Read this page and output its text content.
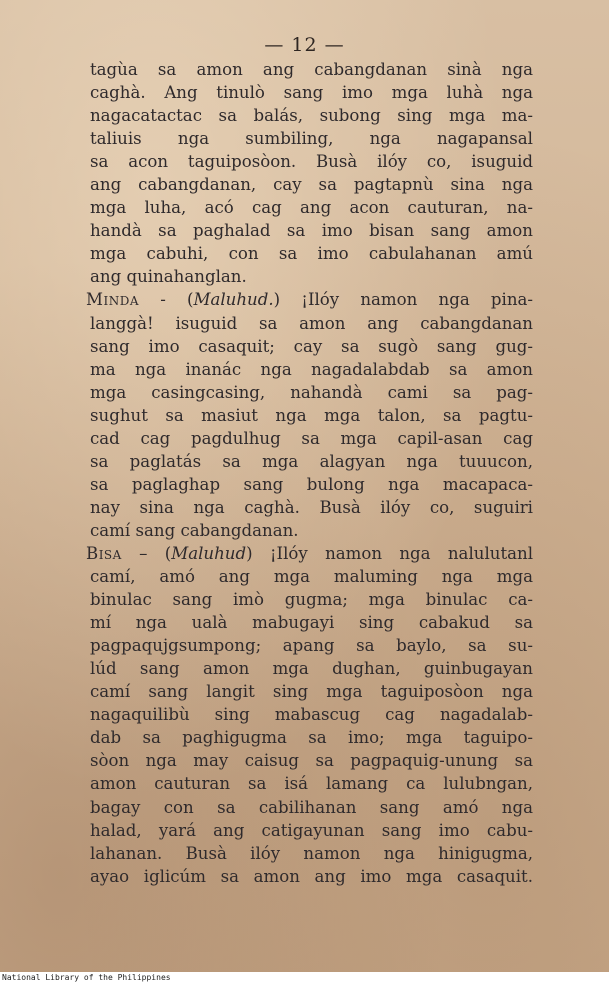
— 12 —
tagùa sa amon ang cabangdanan sinà nga
caghà. Ang tinulò sang imo mga luhà nga
nagacatactac sa balás, subong sing mga ma-
taliuis nga sumbiling, nga nagapansal
sa acon taguiposòon. Busà ilóy co, isuguid
ang cabangdanan, cay sa pagtapnù sina nga
mga luha, acó cag ang acon cauturan, na-
handà sa paghalad sa imo bisan sang amon
mga cabuhi, con sa imo cabulahanan amú
ang quinahanglan.
Minda - (Maluhud.) ¡Ilóy namon nga pina-
langgà! isuguid sa amon ang cabangdanan
sang imo casaquit; cay sa sugò sang gug-
ma nga inanác nga nagadalabdab sa amon
mga casingcasing, nahandà cami sa pag-
sughut sa masiut nga mga talon, sa pagtu-
cad cag pagdulhug sa mga capil-asan cag
sa paglatás sa mga alagyan nga tuuucon,
sa paglaghap sang bulong nga macapaca-
nay sina nga caghà. Busà ilóy co, suguiri
camí sang cabangdanan.
Bisa – (Maluhud) ¡Ilóy namon nga nalulutanl
camí, amó ang mga maluming nga mga
binulac sang imò gugma; mga binulac ca-
mí nga ualà mabugayi sing cabakud sa
pagpaqujgsumpong; apang sa baylo, sa su-
lúd sang amon mga dughan, guinbugayan
camí sang langit sing mga taguiposòon nga
nagaquilibù sing mabascug cag nagadalab-
dab sa paghigugma sa imo; mga taguipo-
sòon nga may caisug sa pagpaquig-unung sa
amon cauturan sa isá lamang ca lulubngan,
bagay con sa cabilihanan sang amó nga
halad, yará ang catigayunan sang imo cabu-
lahanan. Busà ilóy namon nga hinigugma,
ayao iglicúm sa amon ang imo mga casaquit.
National Library of the Philippines
